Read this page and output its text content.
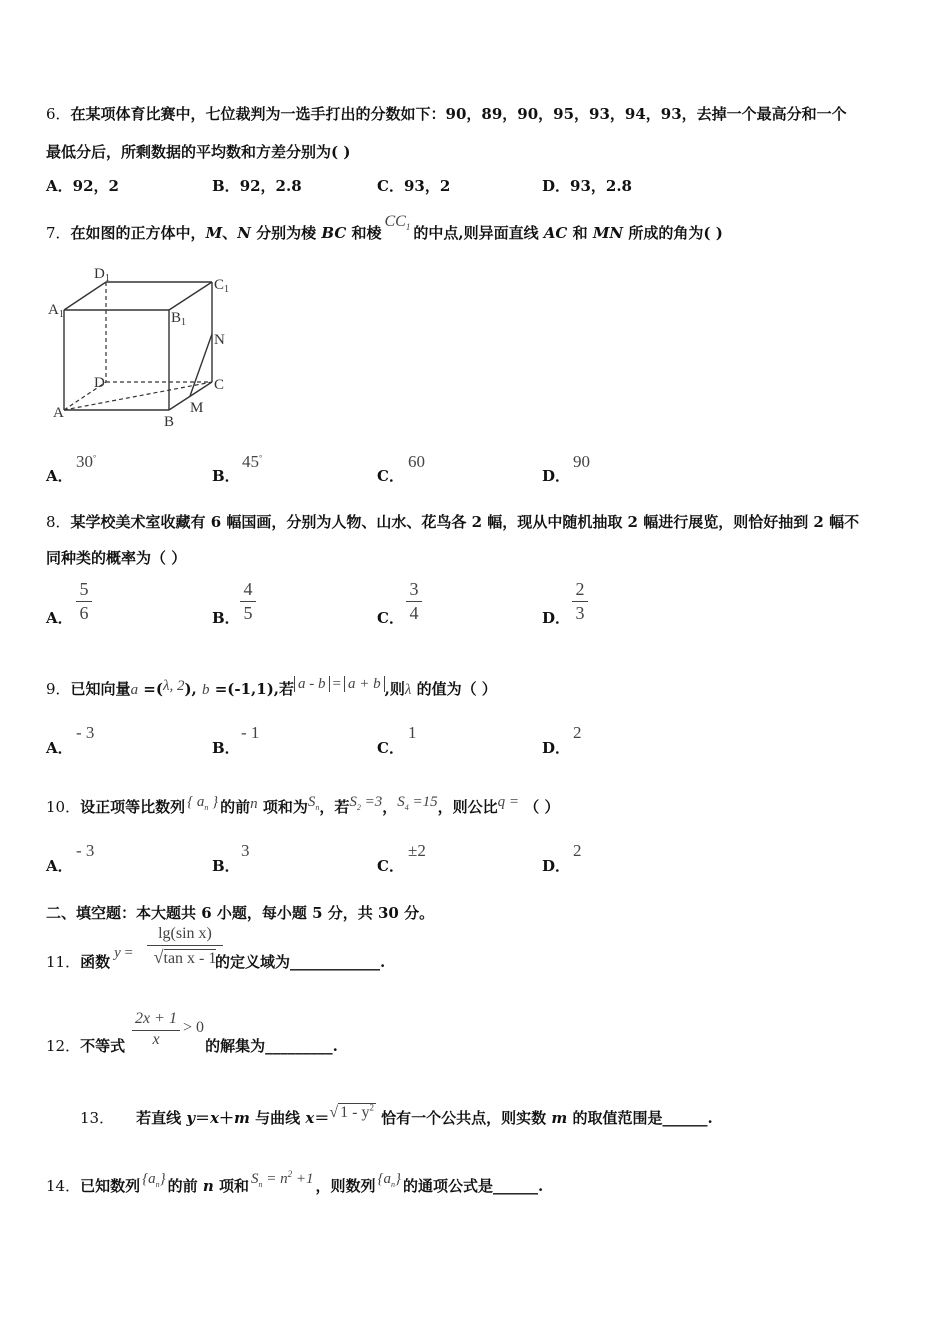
6．在某项体育比赛中，七位裁判为一选手打出的分数如下：90，89，90，95，93，94，93，去掉一个最高分和一个
最低分后，所剩数据的平均数和方差分别为( )
A．92，2	B．92，2.8	C．93，2	D．93，2.8
7．在如图的正方体中，M、N 分别为棱 BC 和棱$CC_1$ 的中点,则异面直线 AC 和 MN 所成的角为( )
$D_1$	$C_1$
$A_1$	$B_1$
N
D	C
A	M
B
A．
30°
B．
45°
C．
60
D．
90
8．某学校美术室收藏有 6 幅国画，分别为人物、山水、花鸟各 2 幅，现从中随机抽取 2 幅进行展览，则恰好抽到 2 幅不
同种类的概率为（ ）
A．
5
6	B．
4
5	C．
3
4	D．
2
3
9．已知向量a =(λ, 2), b =(-1,1),若 a - b = a + b ,则λ 的值为（ ）
A．
- 3
B．
- 1
C．
1
D．
2
10．设正项等比数列 { $a_n$ } 的前n 项和为$S_n$，若$S_2 =3$，$S_4 =15$，则公比q = （ ）
A．
- 3
B．
3
C．
±2
D．
2
二、填空题：本大题共 6 小题，每小题 5 分，共 30 分。
11．函数 y =	的定义域为____________.
lg(sin x)
√tan x - 1
12．不等式	的解集为_________.
$\frac{2x + 1}{x} > 0$
13． 若直线 y＝x＋m 与曲线 x＝√ $1 - y^2$ 恰有一个公共点，则实数 m 的取值范围是______.
14．已知数列 $\{a_n\}$ 的前 n 项和 $S_n = n^2 +1$ ，则数列 $\{a_n\}$ 的通项公式是______.
